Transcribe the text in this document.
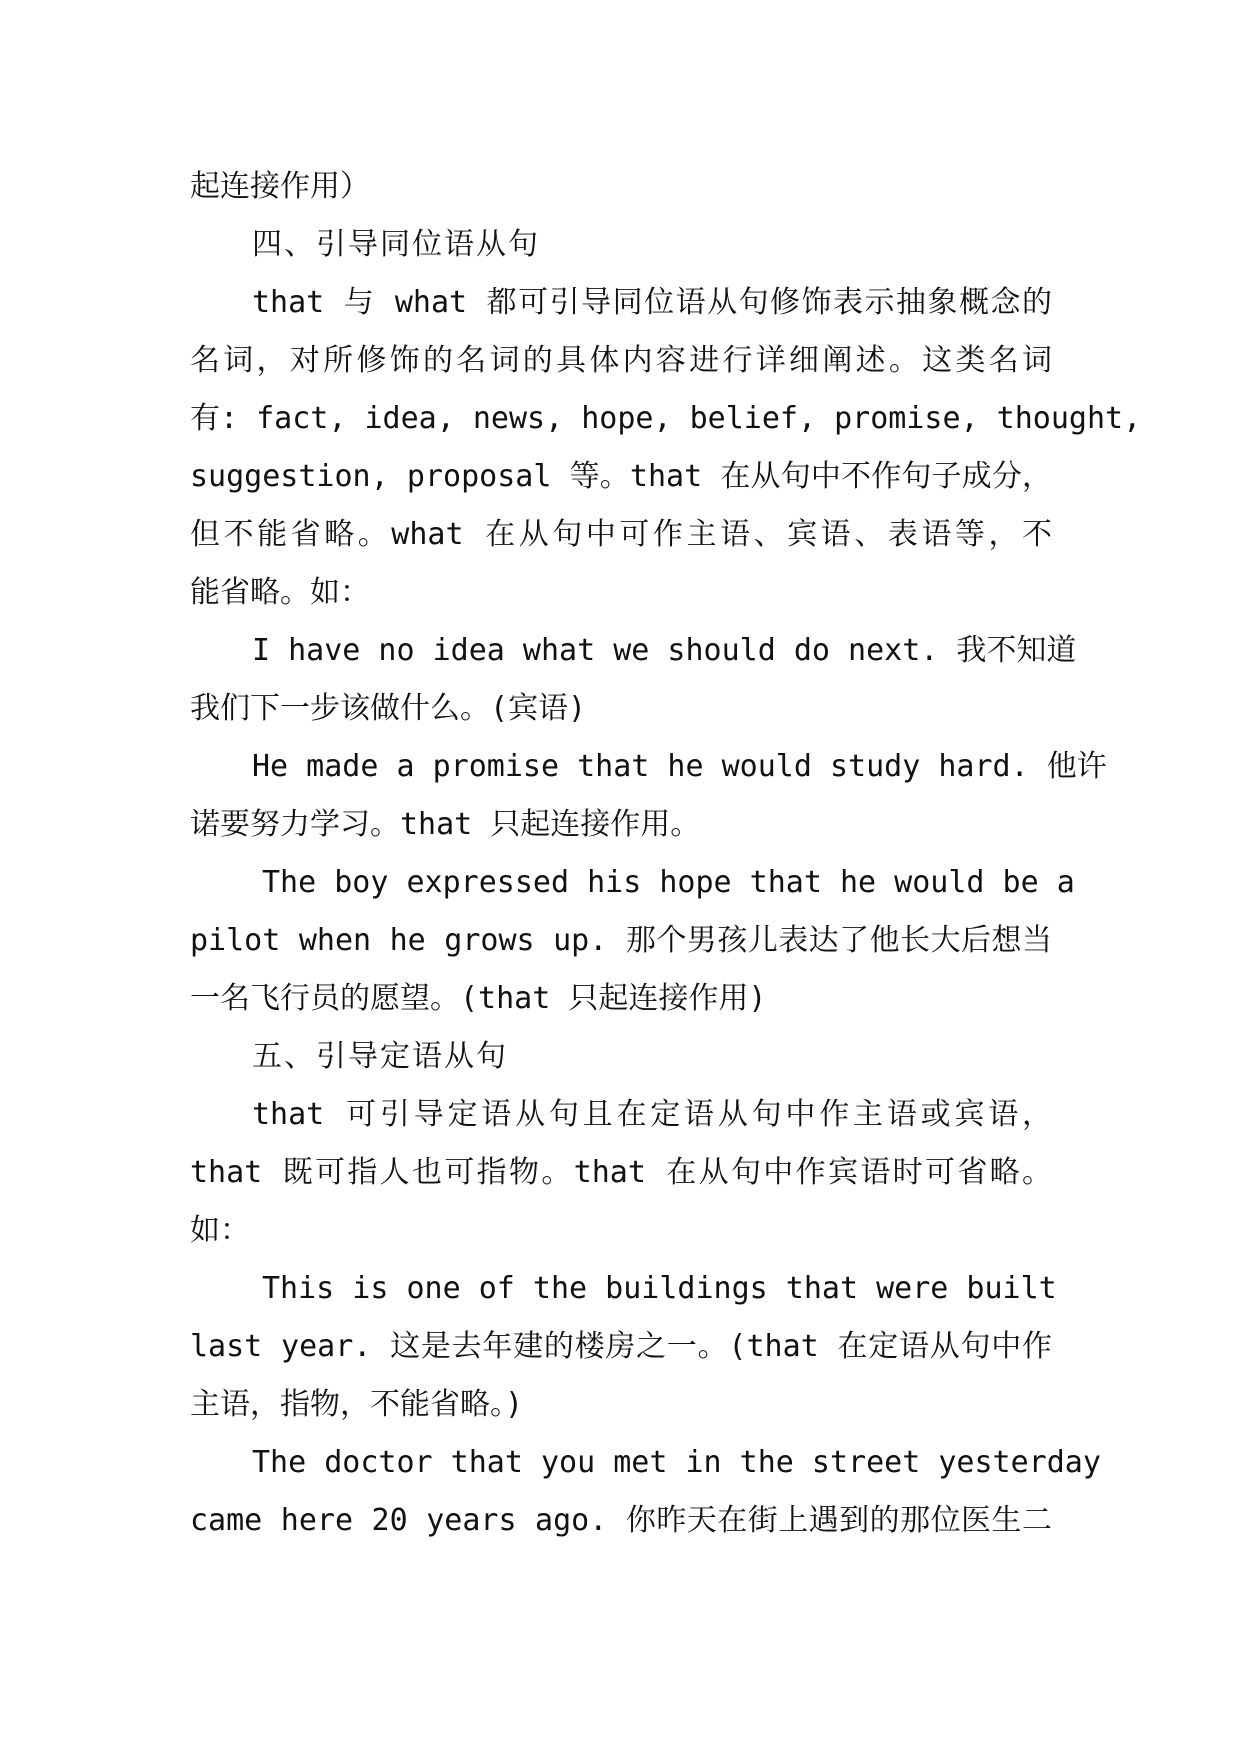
起连接作用）
四、引导同位语从句
that 与 what 都可引导同位语从句修饰表示抽象概念的
名词，对所修饰的名词的具体内容进行详细阐述。这类名词
有: fact, idea, news, hope, belief, promise, thought,
suggestion, proposal 等。that 在从句中不作句子成分，
但不能省略。what 在从句中可作主语、宾语、表语等，不
能省略。如：
I have no idea what we should do next. 我不知道
我们下一步该做什么。(宾语)
He made a promise that he would study hard. 他许
诺要努力学习。that 只起连接作用。
The boy expressed his hope that he would be a
pilot when he grows up. 那个男孩儿表达了他长大后想当
一名飞行员的愿望。(that 只起连接作用)
五、引导定语从句
that 可引导定语从句且在定语从句中作主语或宾语，
that 既可指人也可指物。that 在从句中作宾语时可省略。
如：
This is one of the buildings that were built
last year. 这是去年建的楼房之一。(that 在定语从句中作
主语，指物，不能省略。)
The doctor that you met in the street yesterday
came here 20 years ago. 你昨天在街上遇到的那位医生二
